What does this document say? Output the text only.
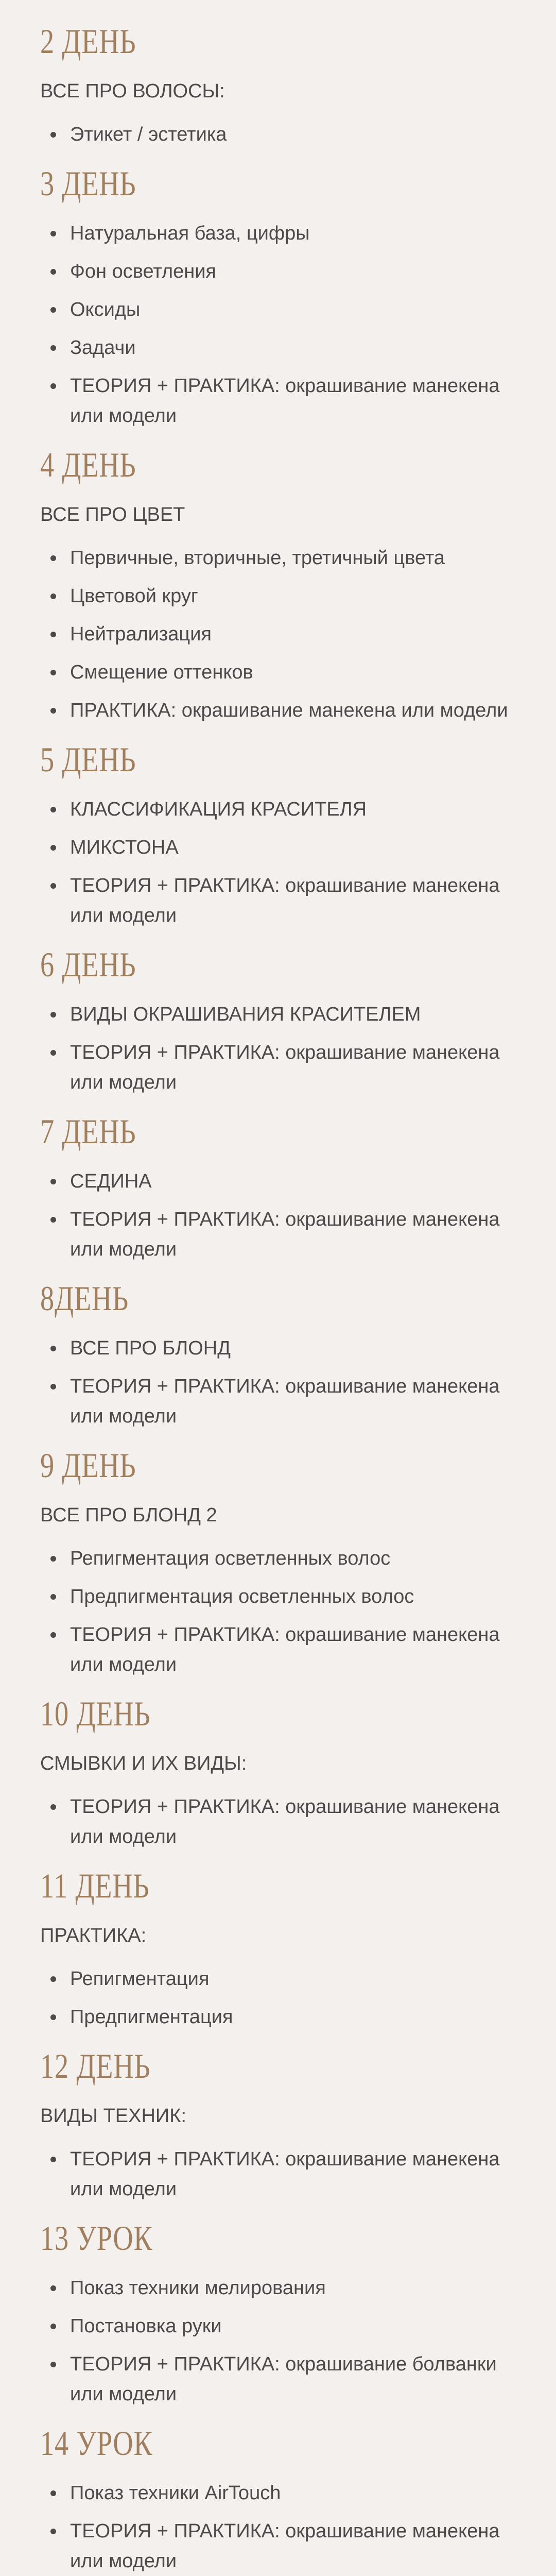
2 ДЕНЬ
ВСЕ ПРО ВОЛОСЫ:
Этикет / эстетика
3 ДЕНЬ
Натуральная база, цифры
Фон осветления
Оксиды
Задачи
ТЕОРИЯ + ПРАКТИКА: окрашивание манекена или модели
4 ДЕНЬ
ВСЕ ПРО ЦВЕТ
Первичные, вторичные, третичный цвета
Цветовой круг
Нейтрализация
Смещение оттенков
ПРАКТИКА: окрашивание манекена или модели
5 ДЕНЬ
КЛАССИФИКАЦИЯ КРАСИТЕЛЯ
МИКСТОНА
ТЕОРИЯ + ПРАКТИКА: окрашивание манекена или модели
6 ДЕНЬ
ВИДЫ ОКРАШИВАНИЯ КРАСИТЕЛЕМ
ТЕОРИЯ + ПРАКТИКА: окрашивание манекена или модели
7 ДЕНЬ
СЕДИНА
ТЕОРИЯ + ПРАКТИКА: окрашивание манекена или модели
8ДЕНЬ
ВСЕ ПРО БЛОНД
ТЕОРИЯ + ПРАКТИКА: окрашивание манекена или модели
9 ДЕНЬ
ВСЕ ПРО БЛОНД 2
Репигментация осветленных волос
Предпигментация осветленных волос
ТЕОРИЯ + ПРАКТИКА: окрашивание манекена или модели
10 ДЕНЬ
СМЫВКИ И ИХ ВИДЫ:
ТЕОРИЯ + ПРАКТИКА: окрашивание манекена или модели
11 ДЕНЬ
ПРАКТИКА:
Репигментация
Предпигментация
12 ДЕНЬ
ВИДЫ ТЕХНИК:
ТЕОРИЯ + ПРАКТИКА: окрашивание манекена или модели
13 УРОК
Показ техники мелирования
Постановка руки
ТЕОРИЯ + ПРАКТИКА: окрашивание болванки или модели
14 УРОК
Показ техники AirTouch
ТЕОРИЯ + ПРАКТИКА: окрашивание манекена или модели
